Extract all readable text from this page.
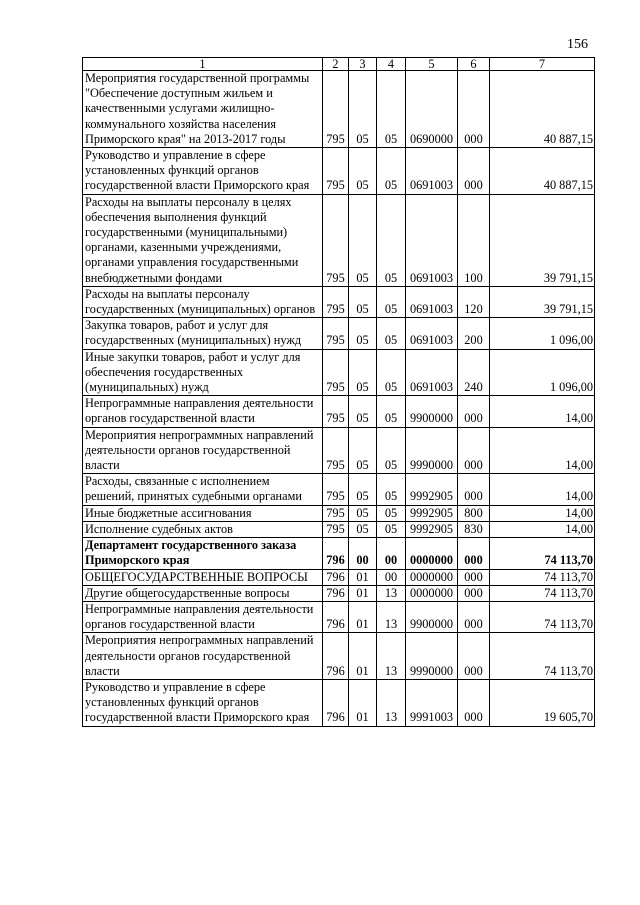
156
1	2	3	4	5	6	7
Мероприятия государственной программы "Обеспечение доступным жильем и качественными услугами жилищно-коммунального хозяйства населения Приморского края" на 2013-2017 годы	795	05	05	0690000	000	40 887,15
Руководство и управление в сфере установленных функций органов государственной власти Приморского края	795	05	05	0691003	000	40 887,15
Расходы на выплаты персоналу в целях обеспечения выполнения функций государственными (муниципальными) органами, казенными учреждениями, органами управления государственными внебюджетными фондами	795	05	05	0691003	100	39 791,15
Расходы на выплаты персоналу государственных (муниципальных) органов	795	05	05	0691003	120	39 791,15
Закупка товаров, работ и услуг для государственных (муниципальных) нужд	795	05	05	0691003	200	1 096,00
Иные закупки товаров, работ и услуг для обеспечения государственных (муниципальных) нужд	795	05	05	0691003	240	1 096,00
Непрограммные направления деятельности органов государственной власти	795	05	05	9900000	000	14,00
Мероприятия непрограммных направлений деятельности органов государственной власти	795	05	05	9990000	000	14,00
Расходы, связанные с исполнением решений, принятых судебными органами	795	05	05	9992905	000	14,00
Иные бюджетные ассигнования	795	05	05	9992905	800	14,00
Исполнение судебных актов	795	05	05	9992905	830	14,00
Департамент государственного заказа Приморского края	796	00	00	0000000	000	74 113,70
ОБЩЕГОСУДАРСТВЕННЫЕ ВОПРОСЫ	796	01	00	0000000	000	74 113,70
Другие общегосударственные вопросы	796	01	13	0000000	000	74 113,70
Непрограммные направления деятельности органов государственной власти	796	01	13	9900000	000	74 113,70
Мероприятия непрограммных направлений деятельности органов государственной власти	796	01	13	9990000	000	74 113,70
Руководство и управление в сфере установленных функций органов государственной власти Приморского края	796	01	13	9991003	000	19 605,70
